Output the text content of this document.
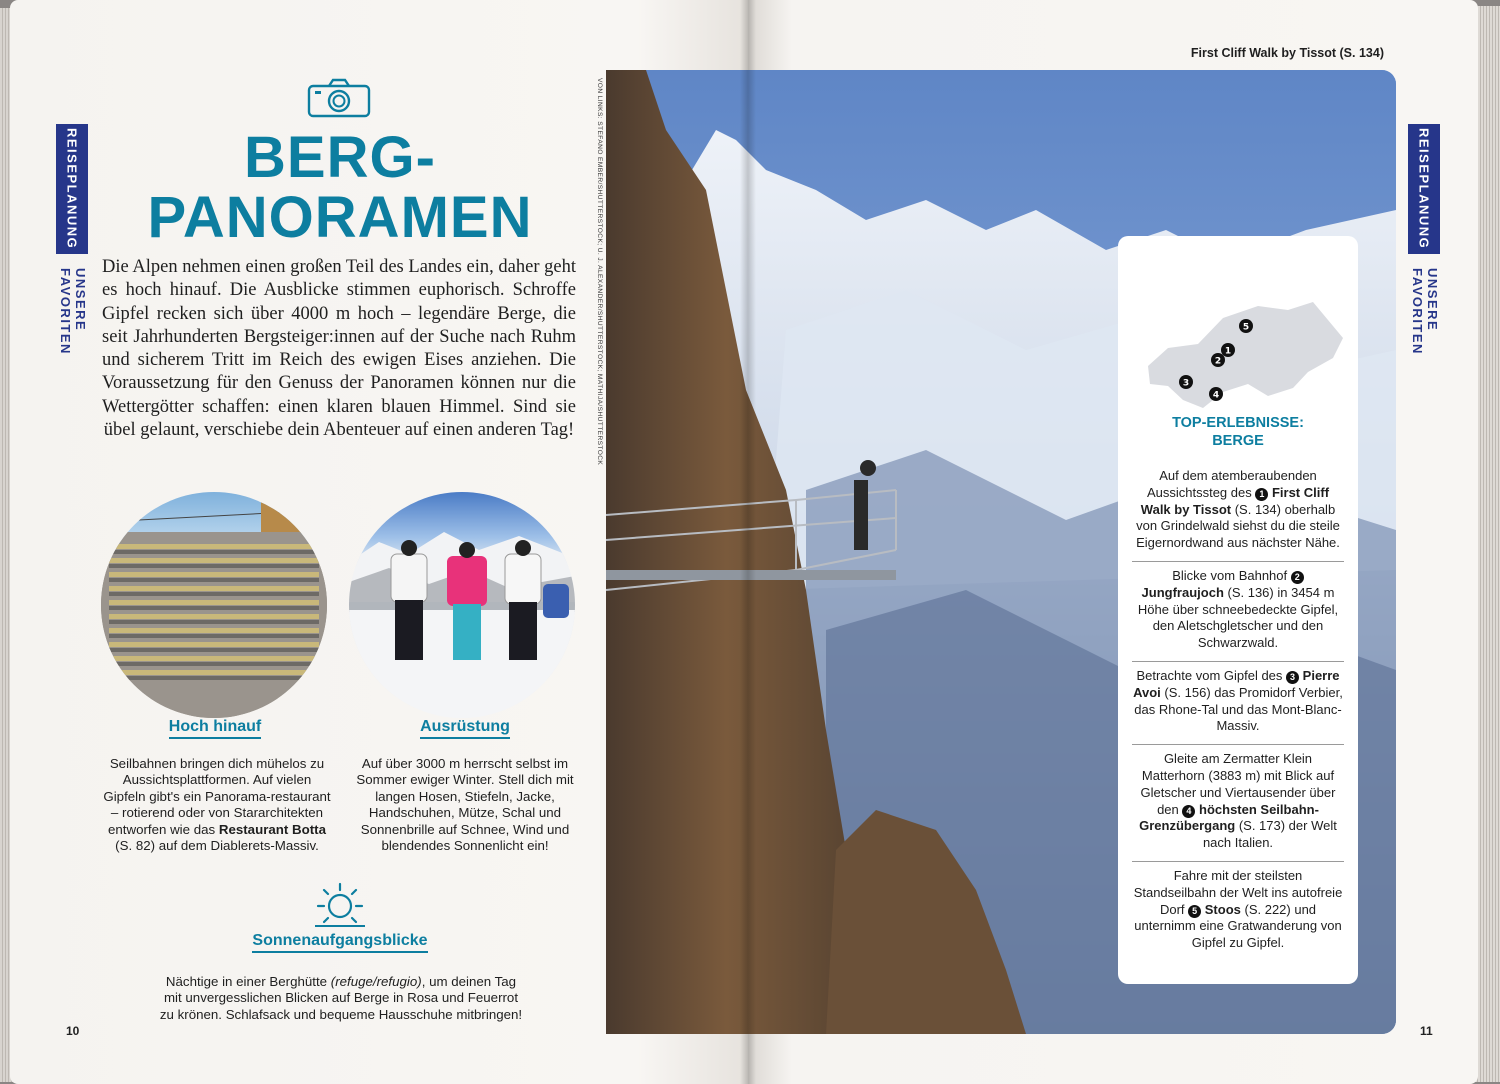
REISEPLANUNG
UNSERE FAVORITEN
BERG-
PANORAMEN

Die Alpen nehmen einen großen Teil des Landes ein, daher geht es hoch hinauf. Die Ausblicke stimmen euphorisch. Schroffe Gipfel recken sich über 4000 m hoch – legendäre Berge, die seit Jahrhunderten Bergsteiger:innen auf der Suche nach Ruhm und sicherem Tritt im Reich des ewigen Eises anziehen. Die Voraussetzung für den Genuss der Panoramen können nur die Wettergötter schaffen: einen klaren blauen Himmel. Sind sie übel gelaunt, verschiebe dein Abenteuer auf einen anderen Tag!

Hoch hinauf
Seilbahnen bringen dich mühelos zu Aussichtsplattformen. Auf vielen Gipfeln gibt's ein Panorama-restaurant – rotierend oder von Stararchitekten entworfen wie das Restaurant Botta (S. 82) auf dem Diablerets-Massiv.
Ausrüstung
Auf über 3000 m herrscht selbst im Sommer ewiger Winter. Stell dich mit langen Hosen, Stiefeln, Jacke, Handschuhen, Mütze, Schal und Sonnenbrille auf Schnee, Wind und blendendes Sonnenlicht ein!
Sonnenaufgangsblicke
Nächtige in einer Berghütte (refuge/refugio), um deinen Tag mit unvergesslichen Blicken auf Berge in Rosa und Feuerrot zu krönen. Schlafsack und bequeme Hausschuhe mitbringen!
10
VON LINKS: STEFANO EMBER/SHUTTERSTOCK; U. J. ALEXANDER/SHUTTERSTOCK; MATHIJA/SHUTTERSTOCK
First Cliff Walk by Tissot (S. 134)
5
1
2
3
4
TOP-ERLEBNISSE:
BERGE
Auf dem atemberaubenden Aussichtssteg des 1 First Cliff Walk by Tissot (S. 134) oberhalb von Grindelwald siehst du die steile Eigernordwand aus nächster Nähe.
Blicke vom Bahnhof 2 Jungfraujoch (S. 136) in 3454 m Höhe über schneebedeckte Gipfel, den Aletschgletscher und den Schwarzwald.
Betrachte vom Gipfel des 3 Pierre Avoi (S. 156) das Promidorf Verbier, das Rhone-Tal und das Mont-Blanc-Massiv.
Gleite am Zermatter Klein Matterhorn (3883 m) mit Blick auf Gletscher und Viertausender über den 4 höchsten Seilbahn-Grenzübergang (S. 173) der Welt nach Italien.
Fahre mit der steilsten Standseilbahn der Welt ins autofreie Dorf 5 Stoos (S. 222) und unternimm eine Gratwanderung von Gipfel zu Gipfel.
REISEPLANUNG
UNSERE FAVORITEN
11
